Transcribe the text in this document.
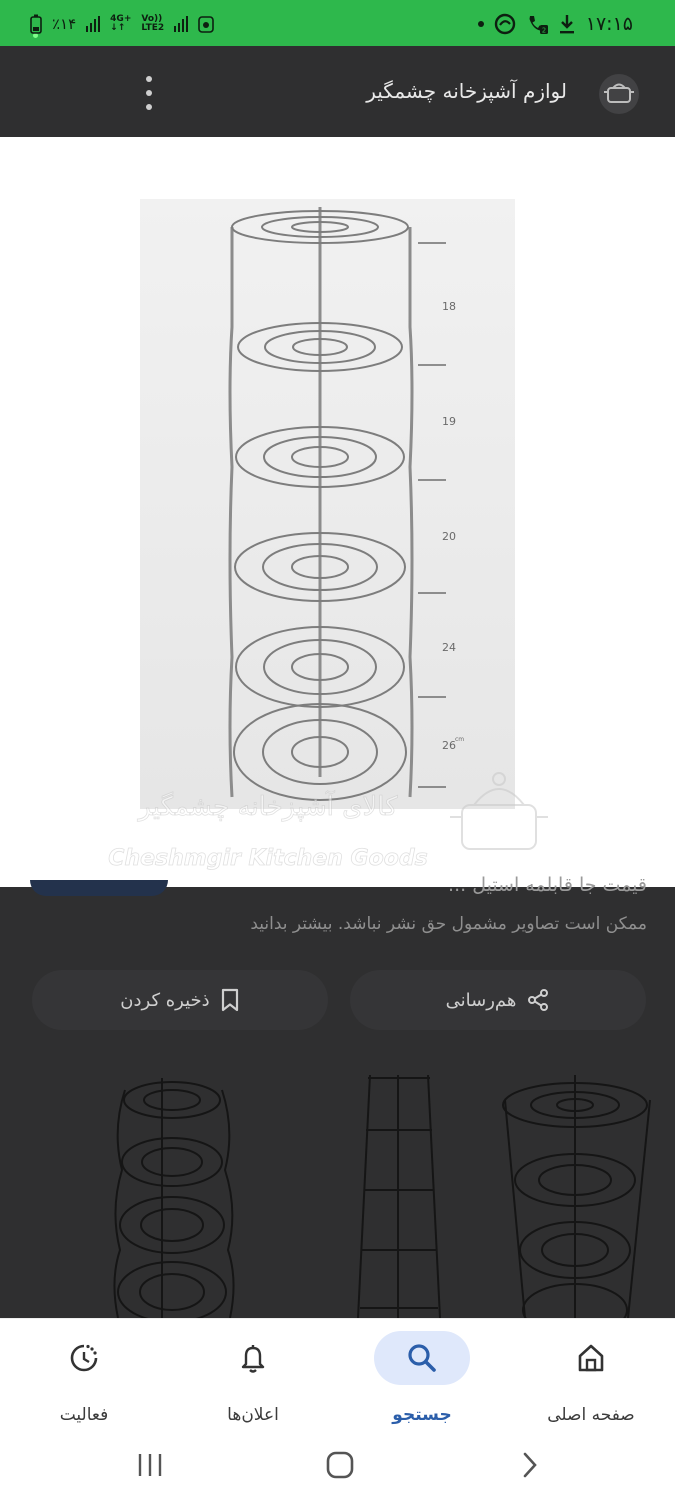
٪۱۴	4G+
↓↑
Vo))
LTE2	2 ۱۷:۱۵
لوازم آشپزخانه چشمگیر
18
19
20
24
26 cm
کالای آشپزخانه چشمگیر
Cheshmgir Kitchen Goods
قیمت جا قابلمه استیل ...
ممکن است تصاویر مشمول حق نشر نباشد. بیشتر بدانید
هم‌رسانی
ذخیره کردن
صفحه اصلی
جستجو
اعلان‌ها
فعالیت
